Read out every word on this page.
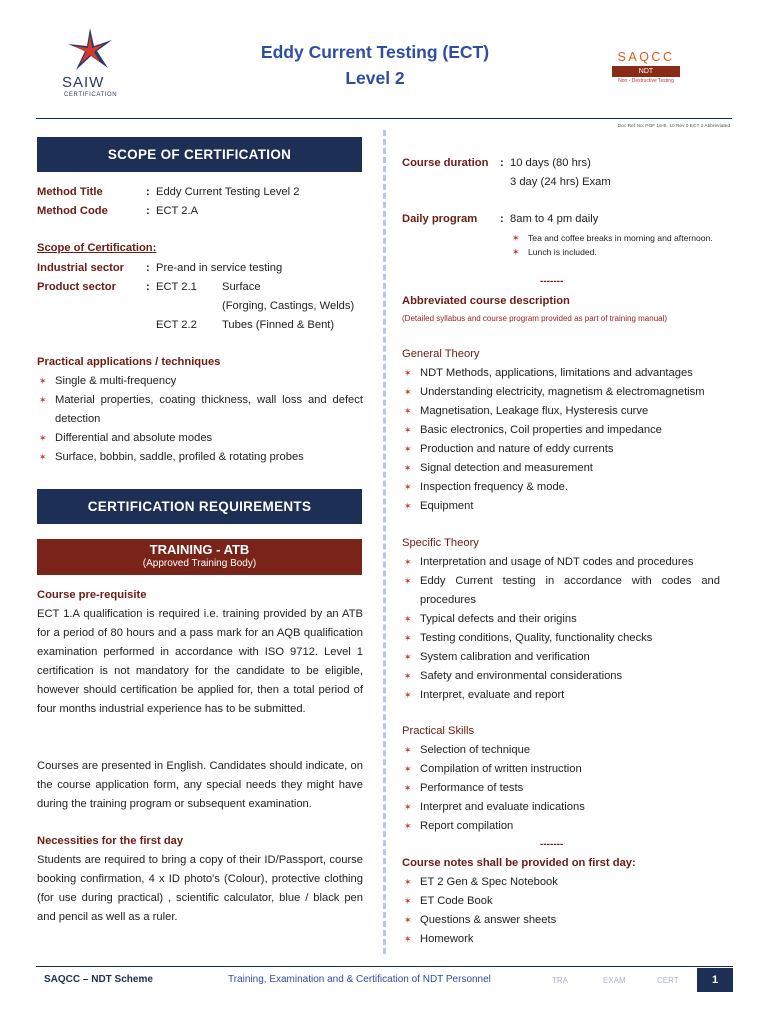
SAIW
CERTIFICATION
Eddy Current Testing (ECT)
Level 2
SAQCC
NDT
Non - Destructive Testing
Doc Ref No: POF 16-B. 10 Rev 0 ECT 2 Abbreviated
SCOPE OF CERTIFICATION
Method Title	: Eddy Current Testing Level 2
Method Code	: ECT 2.A
Scope of Certification:
Industrial sector : Pre-and in service testing
Product sector	: ECT 2.1 Surface
(Forging, Castings, Welds)
ECT 2.2 Tubes (Finned & Bent)
Practical applications / techniques
✶ Single & multi-frequency
✶ Material properties, coating thickness, wall loss and defect detection
✶ Differential and absolute modes
✶ Surface, bobbin, saddle, profiled & rotating probes
CERTIFICATION REQUIREMENTS
TRAINING - ATB
(Approved Training Body)
Course pre-requisite
ECT 1.A qualification is required i.e. training provided by an ATB for a period of 80 hours and a pass mark for an AQB qualification examination performed in accordance with ISO 9712. Level 1 certification is not mandatory for the candidate to be eligible, however should certification be applied for, then a total period of four months industrial experience has to be submitted.
Courses are presented in English. Candidates should indicate, on the course application form, any special needs they might have during the training program or subsequent examination.
Necessities for the first day
Students are required to bring a copy of their ID/Passport, course booking confirmation, 4 x ID photo's (Colour), protective clothing (for use during practical) , scientific calculator, blue / black pen and pencil as well as a ruler.
Course duration : 10 days (80 hrs)
3 day (24 hrs) Exam
Daily program : 8am to 4 pm daily
✶ Tea and coffee breaks in morning and afternoon.
✶ Lunch is included.
-------
Abbreviated course description
(Detailed syllabus and course program provided as part of training manual)
General Theory
✶ NDT Methods, applications, limitations and advantages
✶ Understanding electricity, magnetism & electromagnetism
✶ Magnetisation, Leakage flux, Hysteresis curve
✶ Basic electronics, Coil properties and impedance
✶ Production and nature of eddy currents
✶ Signal detection and measurement
✶ Inspection frequency & mode.
✶ Equipment
Specific Theory
✶ Interpretation and usage of NDT codes and procedures
✶ Eddy Current testing in accordance with codes and procedures
✶ Typical defects and their origins
✶ Testing conditions, Quality, functionality checks
✶ System calibration and verification
✶ Safety and environmental considerations
✶ Interpret, evaluate and report
Practical Skills
✶ Selection of technique
✶ Compilation of written instruction
✶ Performance of tests
✶ Interpret and evaluate indications
✶ Report compilation
-------
Course notes shall be provided on first day:
✶ ET 2 Gen & Spec Notebook
✶ ET Code Book
✶ Questions & answer sheets
✶ Homework
SAQCC – NDT Scheme	Training, Examination and & Certification of NDT Personnel	TRA	EXAM	CERT	1
